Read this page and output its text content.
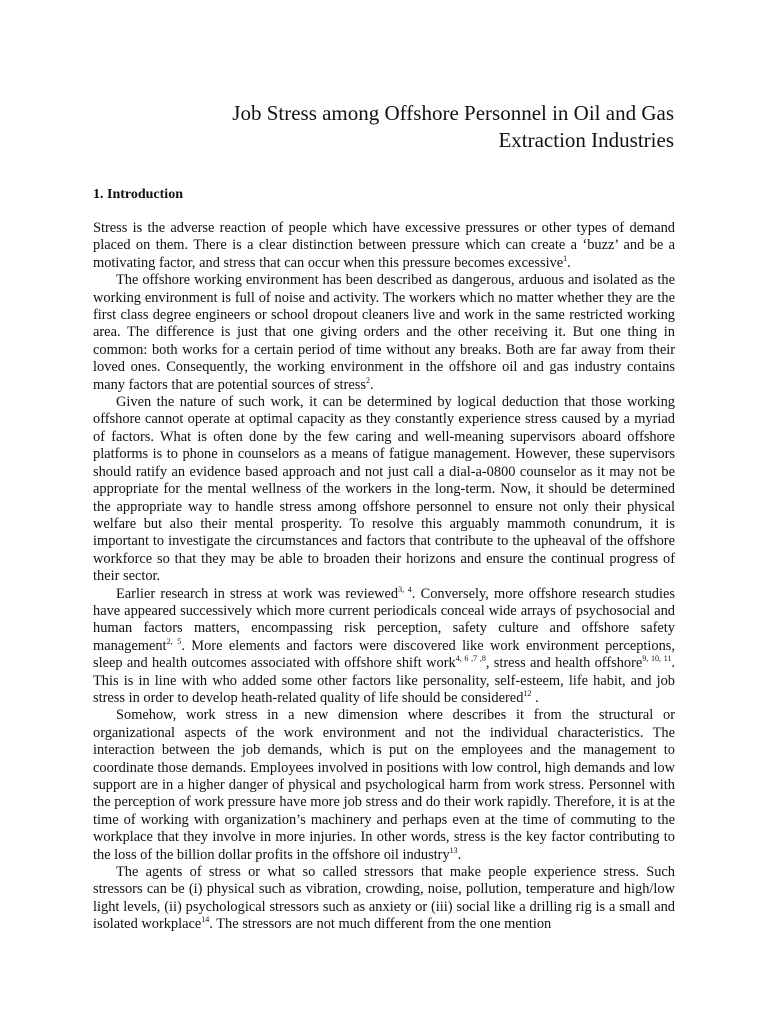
Job Stress among Offshore Personnel in Oil and Gas
Extraction Industries
1. Introduction

Stress is the adverse reaction of people which have excessive pressures or other types of demand placed on them. There is a clear distinction between pressure which can create a ‘buzz’ and be a motivating factor, and stress that can occur when this pressure becomes excessive$^1$.

The offshore working environment has been described as dangerous, arduous and isolated as the working environment is full of noise and activity. The workers which no matter whether they are the first class degree engineers or school dropout cleaners live and work in the same restricted working area. The difference is just that one giving orders and the other receiving it. But one thing in common: both works for a certain period of time without any breaks. Both are far away from their loved ones. Consequently, the working environment in the offshore oil and gas industry contains many factors that are potential sources of stress$^2$.

Given the nature of such work, it can be determined by logical deduction that those working offshore cannot operate at optimal capacity as they constantly experience stress caused by a myriad of factors. What is often done by the few caring and well-meaning supervisors aboard offshore platforms is to phone in counselors as a means of fatigue management. However, these supervisors should ratify an evidence based approach and not just call a dial-a-0800 counselor as it may not be appropriate for the mental wellness of the workers in the long-term. Now, it should be determined the appropriate way to handle stress among offshore personnel to ensure not only their physical welfare but also their mental prosperity. To resolve this arguably mammoth conundrum, it is important to investigate the circumstances and factors that contribute to the upheaval of the offshore workforce so that they may be able to broaden their horizons and ensure the continual progress of their sector.

Earlier research in stress at work was reviewed$^{3, 4}$. Conversely, more offshore research studies have appeared successively which more current periodicals conceal wide arrays of psychosocial and human factors matters, encompassing risk perception, safety culture and offshore safety management$^{2, 5}$. More elements and factors were discovered like work environment perceptions, sleep and health outcomes associated with offshore shift work$^{4, 6 ,7 ,8}$, stress and health offshore$^{9, 10, 11}$. This is in line with who added some other factors like personality, self-esteem, life habit, and job stress in order to develop heath-related quality of life should be considered$^{12}$ .

Somehow, work stress in a new dimension where describes it from the structural or organizational aspects of the work environment and not the individual characteristics. The interaction between the job demands, which is put on the employees and the management to coordinate those demands. Employees involved in positions with low control, high demands and low support are in a higher danger of physical and psychological harm from work stress. Personnel with the perception of work pressure have more job stress and do their work rapidly. Therefore, it is at the time of working with organization’s machinery and perhaps even at the time of commuting to the workplace that they involve in more injuries. In other words, stress is the key factor contributing to the loss of the billion dollar profits in the offshore oil industry$^{13}$.

The agents of stress or what so called stressors that make people experience stress. Such stressors can be (i) physical such as vibration, crowding, noise, pollution, temperature and high/low light levels, (ii) psychological stressors such as anxiety or (iii) social like a drilling rig is a small and isolated workplace$^{14}$. The stressors are not much different from the one mention
